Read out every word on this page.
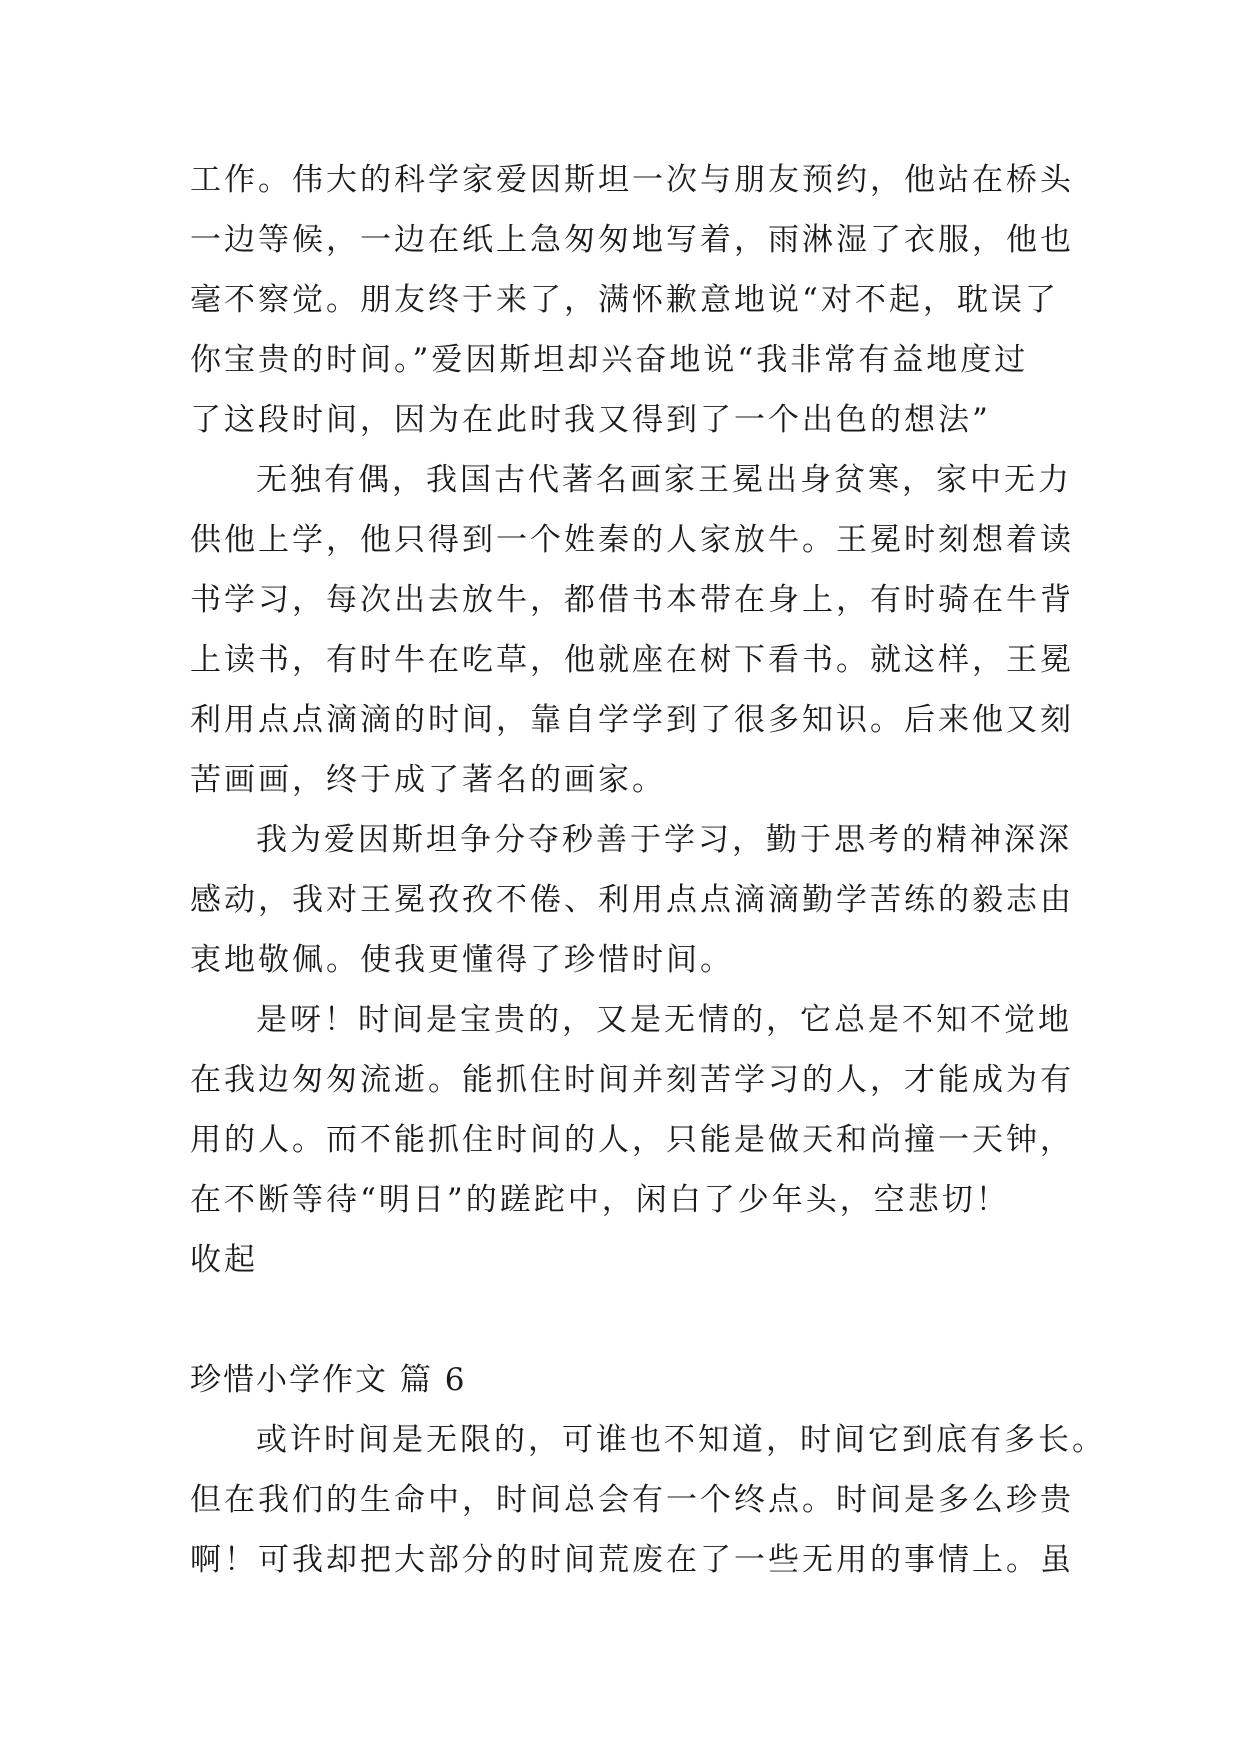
工作。伟大的科学家爱因斯坦一次与朋友预约，他站在桥头
一边等候，一边在纸上急匆匆地写着，雨淋湿了衣服，他也
毫不察觉。朋友终于来了，满怀歉意地说“对不起，耽误了
你宝贵的时间。”爱因斯坦却兴奋地说“我非常有益地度过
了这段时间，因为在此时我又得到了一个出色的想法”
无独有偶，我国古代著名画家王冕出身贫寒，家中无力
供他上学，他只得到一个姓秦的人家放牛。王冕时刻想着读
书学习，每次出去放牛，都借书本带在身上，有时骑在牛背
上读书，有时牛在吃草，他就座在树下看书。就这样，王冕
利用点点滴滴的时间，靠自学学到了很多知识。后来他又刻
苦画画，终于成了著名的画家。
我为爱因斯坦争分夺秒善于学习，勤于思考的精神深深
感动，我对王冕孜孜不倦、利用点点滴滴勤学苦练的毅志由
衷地敬佩。使我更懂得了珍惜时间。
是呀！时间是宝贵的，又是无情的，它总是不知不觉地
在我边匆匆流逝。能抓住时间并刻苦学习的人，才能成为有
用的人。而不能抓住时间的人，只能是做天和尚撞一天钟，
在不断等待“明日”的蹉跎中，闲白了少年头，空悲切！
收起
珍惜小学作文 篇 6
或许时间是无限的，可谁也不知道，时间它到底有多长。
但在我们的生命中，时间总会有一个终点。时间是多么珍贵
啊！可我却把大部分的时间荒废在了一些无用的事情上。虽
